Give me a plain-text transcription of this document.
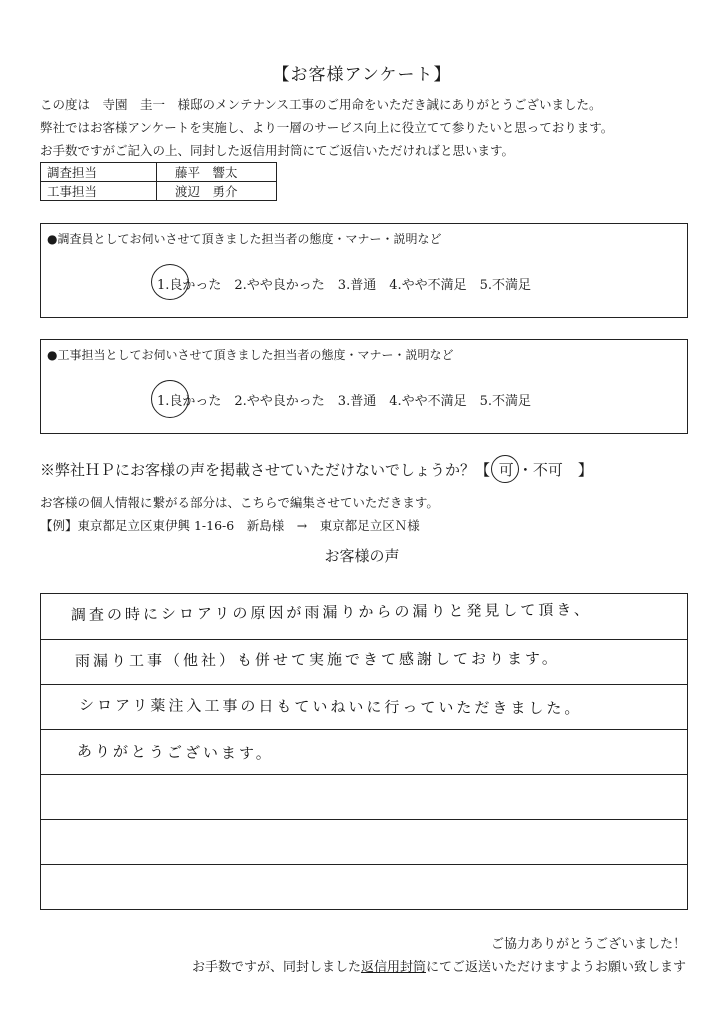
【お客様アンケート】
この度は　寺園　圭一　様邸のメンテナンス工事のご用命をいただき誠にありがとうございました。
弊社ではお客様アンケートを実施し、より一層のサービス向上に役立てて参りたいと思っております。
お手数ですがご記入の上、同封した返信用封筒にてご返信いただければと思います。
調査担当	藤平　響太
工事担当	渡辺　勇介
●調査員としてお伺いさせて頂きました担当者の態度・マナー・説明など
1.良かった　2.やや良かった　3.普通　4.やや不満足　5.不満足
●工事担当としてお伺いさせて頂きました担当者の態度・マナー・説明など
1.良かった　2.やや良かった　3.普通　4.やや不満足　5.不満足
※弊社ＨＰにお客様の声を掲載させていただけないでしょうか？【 可 ・不可　 】
お客様の個人情報に繋がる部分は、こちらで編集させていただきます。
【例】東京都足立区東伊興 1-16-6　新島様　→　東京都足立区Ｎ様
お客様の声
調査の時にシロアリの原因が雨漏りからの漏りと発見して頂き、
雨漏り工事（他社）も併せて実施できて感謝しております。
シロアリ薬注入工事の日もていねいに行っていただきました。
ありがとうございます。
ご協力ありがとうございました！
お手数ですが、同封しました返信用封筒にてご返送いただけますようお願い致します
